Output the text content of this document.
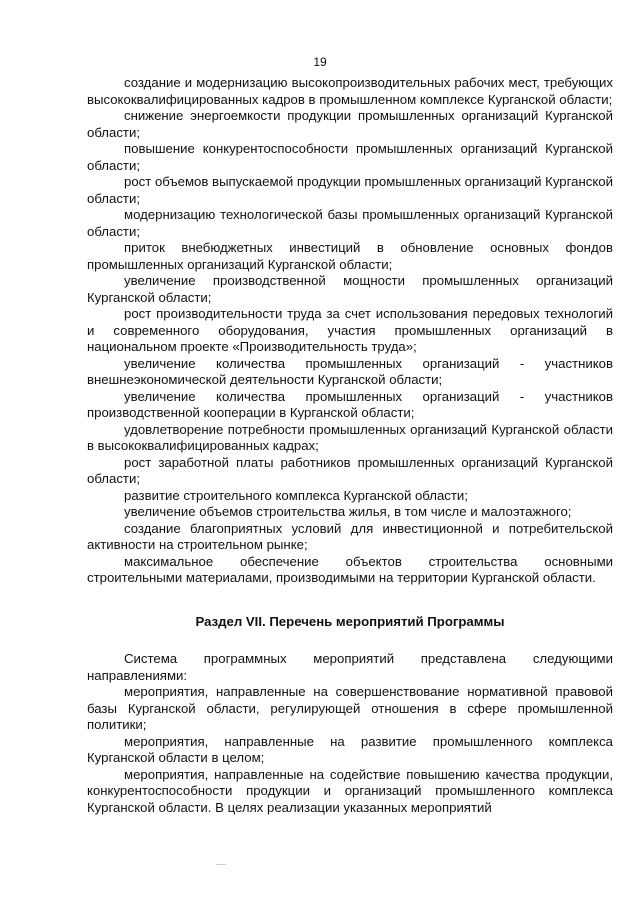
19

создание и модернизацию высокопроизводительных рабочих мест, требующих высококвалифицированных кадров в промышленном комплексе Курганской области;

снижение энергоемкости продукции промышленных организаций Курганской области;

повышение конкурентоспособности промышленных организаций Курганской области;

рост объемов выпускаемой продукции промышленных организаций Курганской области;

модернизацию технологической базы промышленных организаций Курганской области;

приток внебюджетных инвестиций в обновление основных фондов промышленных организаций Курганской области;

увеличение производственной мощности промышленных организаций Курганской области;

рост производительности труда за счет использования передовых технологий и современного оборудования, участия промышленных организаций в национальном проекте «Производительность труда»;

увеличение количества промышленных организаций - участников внешнеэкономической деятельности Курганской области;

увеличение количества промышленных организаций - участников производственной кооперации в Курганской области;

удовлетворение потребности промышленных организаций Курганской области в высококвалифицированных кадрах;

рост заработной платы работников промышленных организаций Курганской области;

развитие строительного комплекса Курганской области;

увеличение объемов строительства жилья, в том числе и малоэтажного;

создание благоприятных условий для инвестиционной и потребительской активности на строительном рынке;

максимальное обеспечение объектов строительства основными строительными материалами, производимыми на территории Курганской области.

Раздел VII. Перечень мероприятий Программы

Система программных мероприятий представлена следующими направлениями:

мероприятия, направленные на совершенствование нормативной правовой базы Курганской области, регулирующей отношения в сфере промышленной политики;

мероприятия, направленные на развитие промышленного комплекса Курганской области в целом;

мероприятия, направленные на содействие повышению качества продукции, конкурентоспособности продукции и организаций промышленного комплекса Курганской области. В целях реализации указанных мероприятий
